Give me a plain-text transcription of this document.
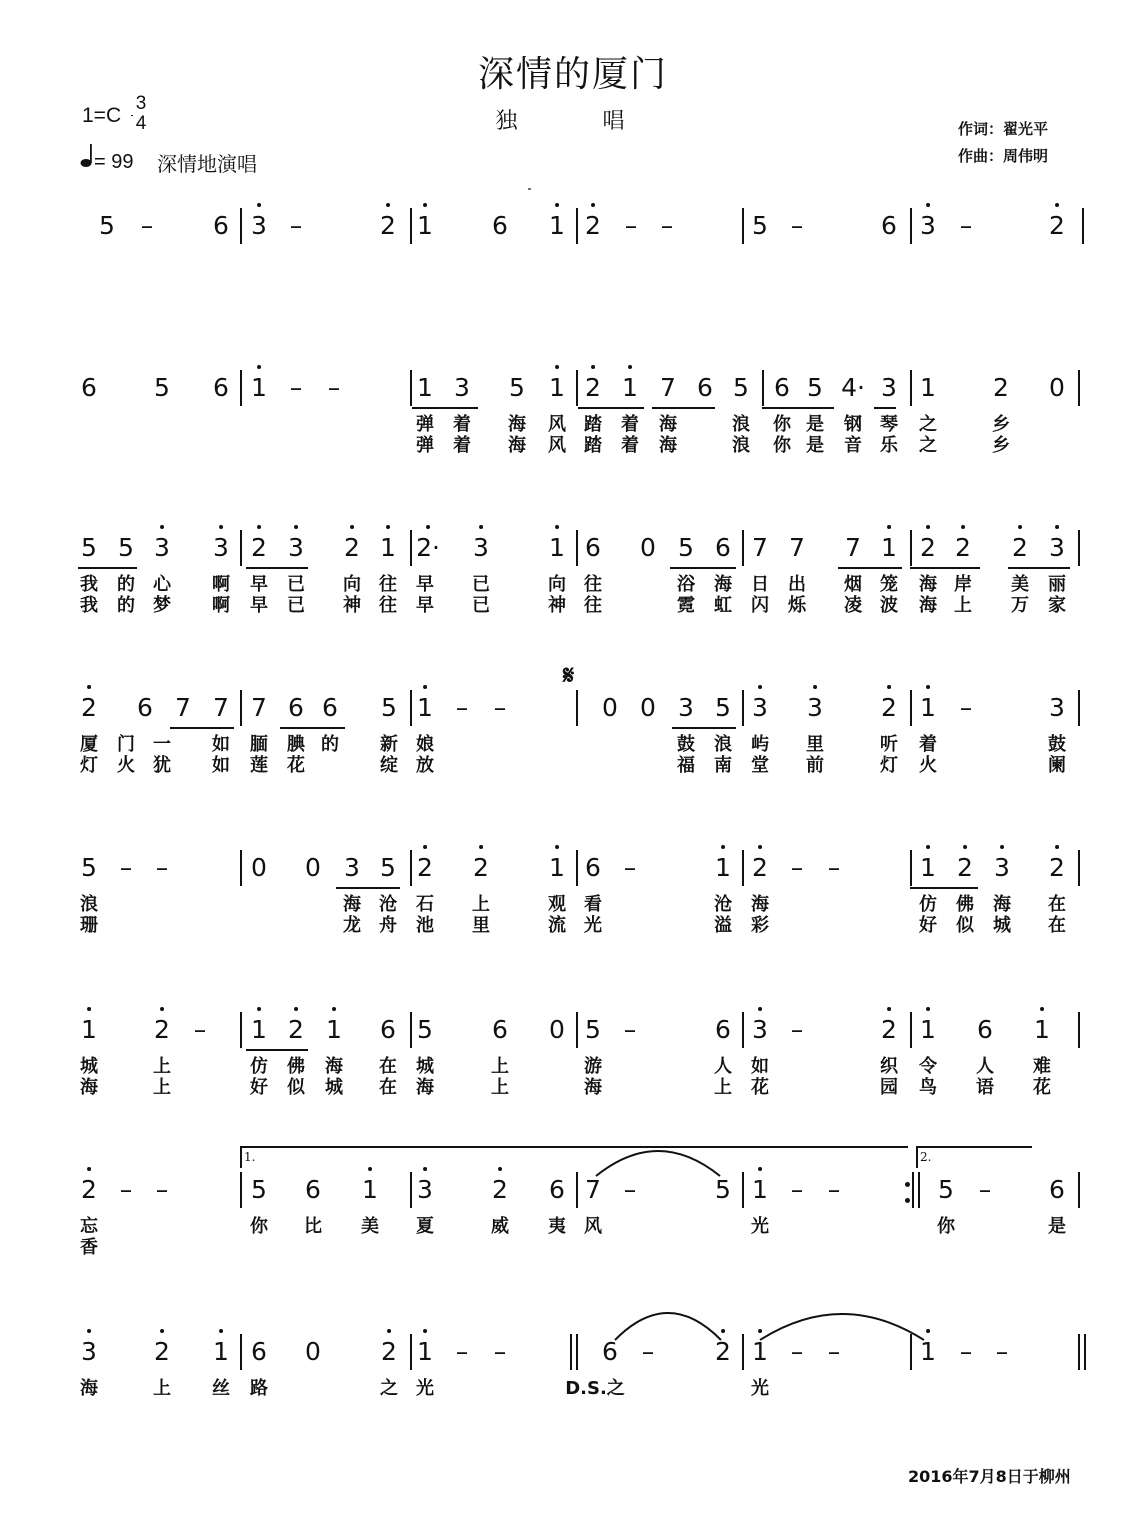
深情的厦门
独 唱
1=C
3
4
= 99 深情地演唱
作词：翟光平
作曲：周伟明
5 – 6 3 –	2 1 6 1 2 – –	5 –	6 3 –	2
6 5 6 1 – –	1 3 5 1 2 1 7 6 5 6 5 4· 3 1 2 0
弹 着 海 风 踏 着 海	浪 你 是 钢 琴 之	乡
弹 着 海 风 踏 着 海	浪 你 是 音 乐 之	乡
5 5 3 3 2 3 2 1 2· 3 1 6 0 5 6 7 7 7 1 2 2 2 3
我 的 心 啊 早 已 向 往 早 已	向 往	浴 海 日 出 烟 笼 海 岸 美 丽
我 的 梦 啊 早 已 神 往 早 已	神 往	霓 虹 闪 烁 凌 波 海 上 万 家
2 6 7 7 7 6 6 5 1 – –	0 0 3 5 3 3 2 1 –	3
厦 门 一 如 腼 腆 的 新 娘	鼓 浪 屿 里	听 着	鼓
灯 火 犹 如 莲 花	绽 放	福 南 堂 前	灯 火	阑
5 – –	0 0 3 5 2 2 1 6 –	1 2 – –	1 2 3 2
浪	海 沧 石 上	观 看	沧 海	仿 佛 海 在
珊	龙 舟 池 里	流 光	溢 彩	好 似 城 在
1 2 – 1 2 1 6 5 6 0 5 –	6 3 –	2 1 6 1
城	上	仿 佛 海 在 城	上	游	人 如	织 令 人 难
海	上	好 似 城 在 海	上	海	上 花	园 鸟 语 花
2 – –	5 6 1 3 2 6 7 –	5 1 – –	5 – 6
忘	你 比 美 夏	威 夷 风	光	你	是
香
3 2 1 6 0 2 1 – –	6 – 2 1 – –	1 – –
海	上 丝 路	之 光	D.S.之	光
𝄋
1.	2.
2016年7月8日于柳州
